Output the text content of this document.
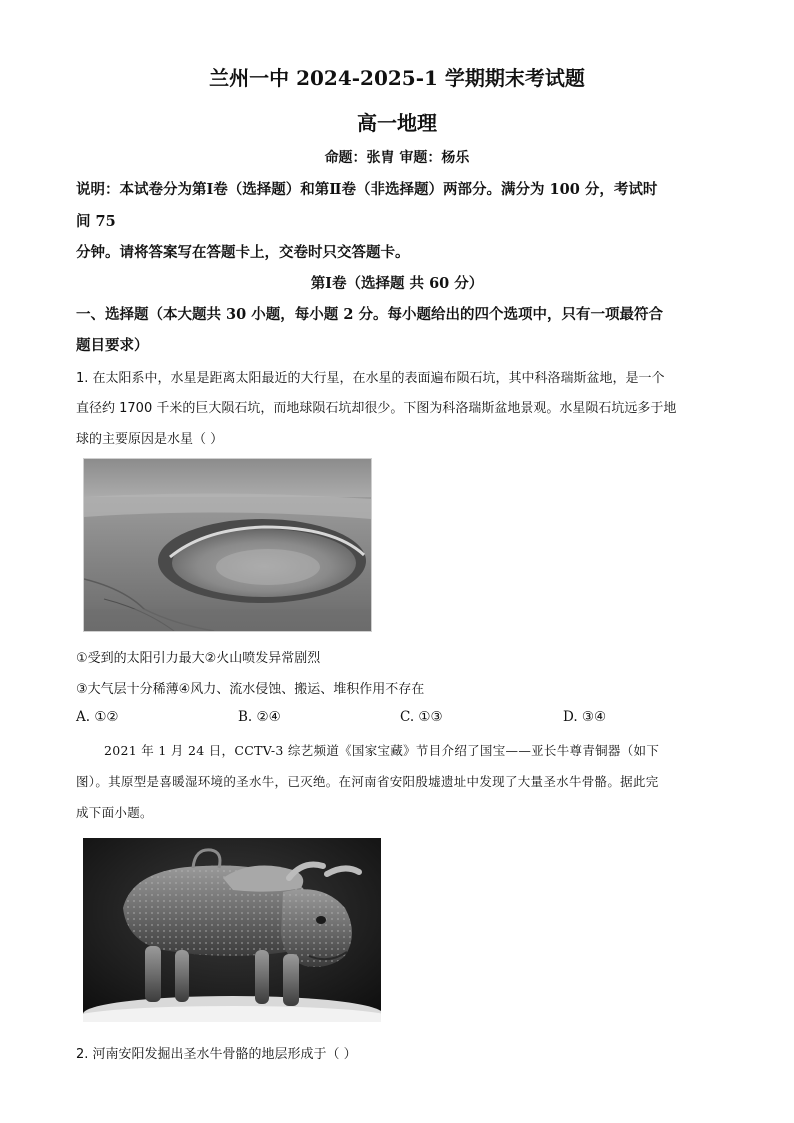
兰州一中 2024-2025-1 学期期末考试题
高一地理
命题：张胄 审题：杨乐
说明：本试卷分为第Ⅰ卷（选择题）和第Ⅱ卷（非选择题）两部分。满分为 100 分，考试时
间 75
分钟。请将答案写在答题卡上，交卷时只交答题卡。
第Ⅰ卷（选择题 共 60 分）
一、选择题（本大题共 30 小题，每小题 2 分。每小题给出的四个选项中，只有一项最符合
题目要求）
1. 在太阳系中，水星是距离太阳最近的大行星，在水星的表面遍布陨石坑，其中科洛瑞斯盆地，是一个
直径约 1700 千米的巨大陨石坑，而地球陨石坑却很少。下图为科洛瑞斯盆地景观。水星陨石坑远多于地
球的主要原因是水星（ ）
①受到的太阳引力最大②火山喷发异常剧烈
③大气层十分稀薄④风力、流水侵蚀、搬运、堆积作用不存在
A. ①②	B. ②④	C. ①③	D. ③④
2021 年 1 月 24 日，CCTV-3 综艺频道《国家宝藏》节目介绍了国宝——亚长牛尊青铜器（如下
图）。其原型是喜暖湿环境的圣水牛，已灭绝。在河南省安阳殷墟遗址中发现了大量圣水牛骨骼。据此完
成下面小题。
2. 河南安阳发掘出圣水牛骨骼的地层形成于（ ）
